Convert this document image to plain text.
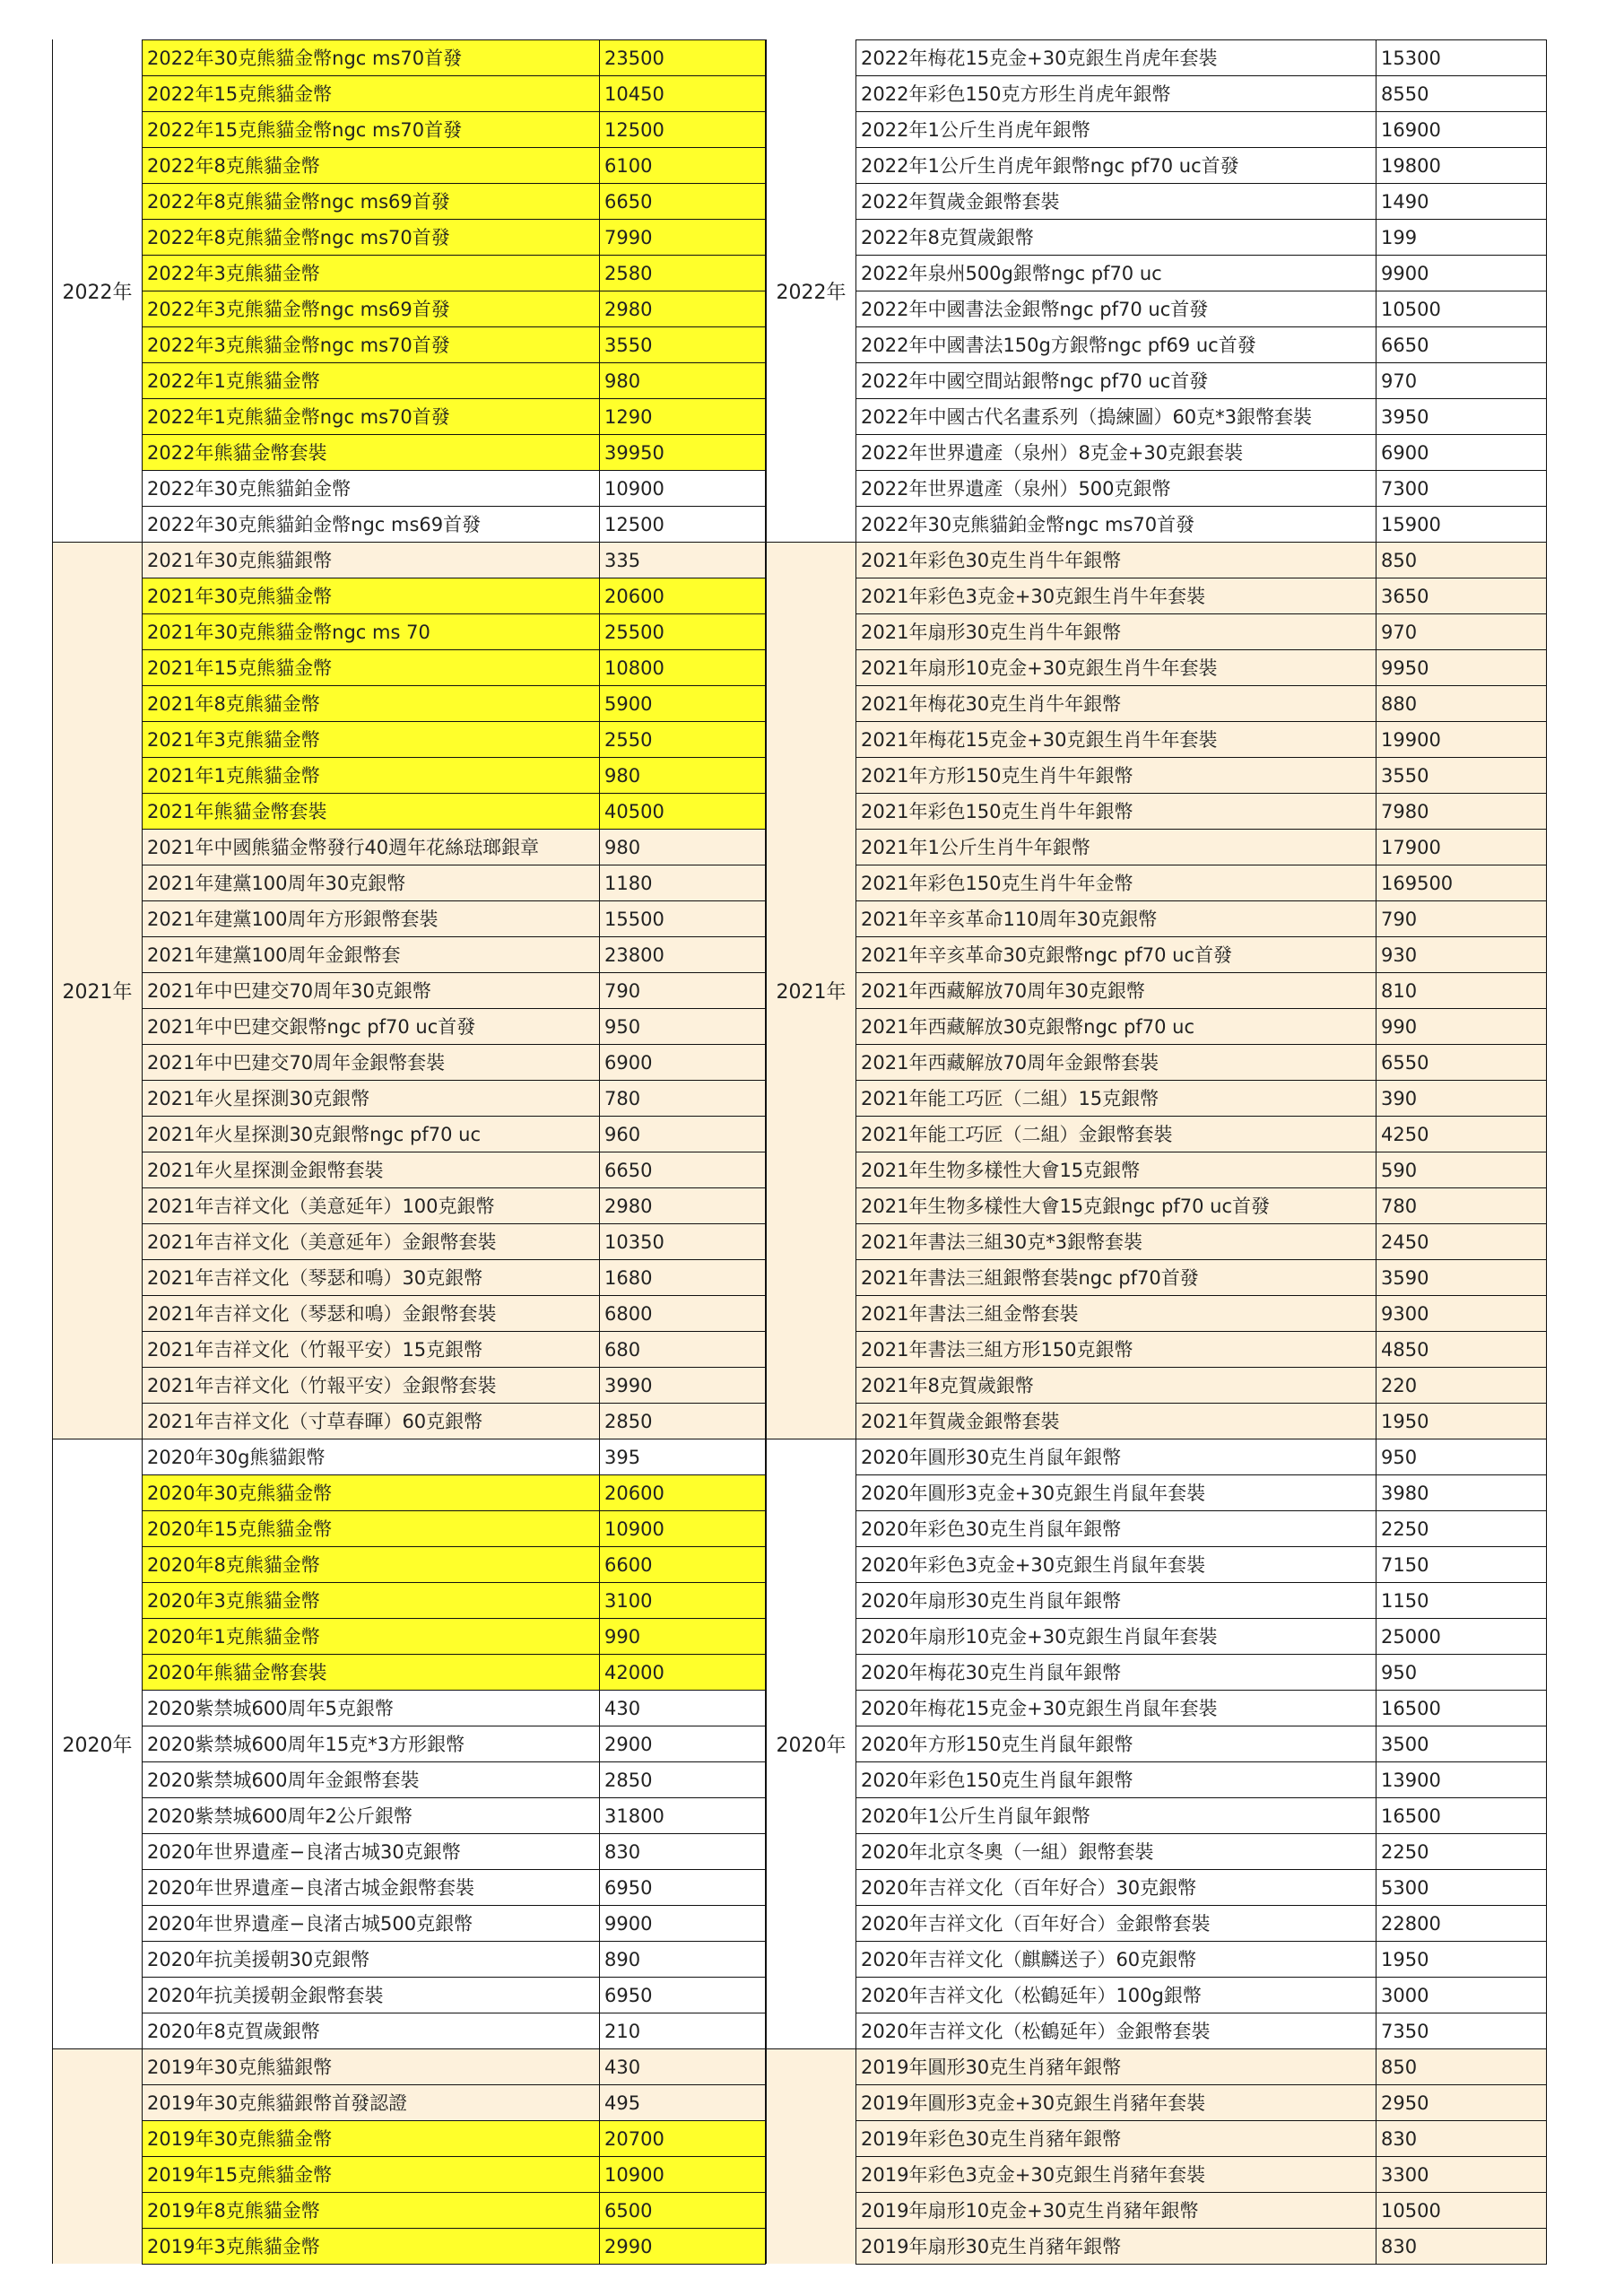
2022年
2022年30克熊貓金幣ngc ms70首發	23500
2022年15克熊貓金幣	10450
2022年15克熊貓金幣ngc ms70首發	12500
2022年8克熊貓金幣	6100
2022年8克熊貓金幣ngc ms69首發	6650
2022年8克熊貓金幣ngc ms70首發	7990
2022年3克熊貓金幣	2580
2022年3克熊貓金幣ngc ms69首發	2980
2022年3克熊貓金幣ngc ms70首發	3550
2022年1克熊貓金幣	980
2022年1克熊貓金幣ngc ms70首發	1290
2022年熊貓金幣套裝	39950
2022年30克熊貓鉑金幣	10900
2022年30克熊貓鉑金幣ngc ms69首發	12500
2021年
2021年30克熊貓銀幣	335
2021年30克熊貓金幣	20600
2021年30克熊貓金幣ngc ms 70	25500
2021年15克熊貓金幣	10800
2021年8克熊貓金幣	5900
2021年3克熊貓金幣	2550
2021年1克熊貓金幣	980
2021年熊貓金幣套裝	40500
2021年中國熊貓金幣發行40週年花絲琺瑯銀章	980
2021年建黨100周年30克銀幣	1180
2021年建黨100周年方形銀幣套裝	15500
2021年建黨100周年金銀幣套	23800
2021年中巴建交70周年30克銀幣	790
2021年中巴建交銀幣ngc pf70 uc首發	950
2021年中巴建交70周年金銀幣套裝	6900
2021年火星探測30克銀幣	780
2021年火星探測30克銀幣ngc pf70 uc	960
2021年火星探測金銀幣套裝	6650
2021年吉祥文化（美意延年）100克銀幣	2980
2021年吉祥文化（美意延年）金銀幣套裝	10350
2021年吉祥文化（琴瑟和鳴）30克銀幣	1680
2021年吉祥文化（琴瑟和鳴）金銀幣套裝	6800
2021年吉祥文化（竹報平安）15克銀幣	680
2021年吉祥文化（竹報平安）金銀幣套裝	3990
2021年吉祥文化（寸草春暉）60克銀幣	2850
2020年
2020年30g熊貓銀幣	395
2020年30克熊貓金幣	20600
2020年15克熊貓金幣	10900
2020年8克熊貓金幣	6600
2020年3克熊貓金幣	3100
2020年1克熊貓金幣	990
2020年熊貓金幣套裝	42000
2020紫禁城600周年5克銀幣	430
2020紫禁城600周年15克*3方形銀幣	2900
2020紫禁城600周年金銀幣套裝	2850
2020紫禁城600周年2公斤銀幣	31800
2020年世界遺產−良渚古城30克銀幣	830
2020年世界遺產−良渚古城金銀幣套裝	6950
2020年世界遺產−良渚古城500克銀幣	9900
2020年抗美援朝30克銀幣	890
2020年抗美援朝金銀幣套裝	6950
2020年8克賀歲銀幣	210
2019年30克熊貓銀幣	430
2019年30克熊貓銀幣首發認證	495
2019年30克熊貓金幣	20700
2019年15克熊貓金幣	10900
2019年8克熊貓金幣	6500
2019年3克熊貓金幣	2990
2022年
2022年梅花15克金+30克銀生肖虎年套裝	15300
2022年彩色150克方形生肖虎年銀幣	8550
2022年1公斤生肖虎年銀幣	16900
2022年1公斤生肖虎年銀幣ngc pf70 uc首發	19800
2022年賀歲金銀幣套裝	1490
2022年8克賀歲銀幣	199
2022年泉州500g銀幣ngc pf70 uc	9900
2022年中國書法金銀幣ngc pf70 uc首發	10500
2022年中國書法150g方銀幣ngc pf69 uc首發	6650
2022年中國空間站銀幣ngc pf70 uc首發	970
2022年中國古代名畫系列（搗練圖）60克*3銀幣套裝	3950
2022年世界遺產（泉州）8克金+30克銀套裝	6900
2022年世界遺產（泉州）500克銀幣	7300
2022年30克熊貓鉑金幣ngc ms70首發	15900
2021年
2021年彩色30克生肖牛年銀幣	850
2021年彩色3克金+30克銀生肖牛年套裝	3650
2021年扇形30克生肖牛年銀幣	970
2021年扇形10克金+30克銀生肖牛年套裝	9950
2021年梅花30克生肖牛年銀幣	880
2021年梅花15克金+30克銀生肖牛年套裝	19900
2021年方形150克生肖牛年銀幣	3550
2021年彩色150克生肖牛年銀幣	7980
2021年1公斤生肖牛年銀幣	17900
2021年彩色150克生肖牛年金幣	169500
2021年辛亥革命110周年30克銀幣	790
2021年辛亥革命30克銀幣ngc pf70 uc首發	930
2021年西藏解放70周年30克銀幣	810
2021年西藏解放30克銀幣ngc pf70 uc	990
2021年西藏解放70周年金銀幣套裝	6550
2021年能工巧匠（二組）15克銀幣	390
2021年能工巧匠（二組）金銀幣套裝	4250
2021年生物多樣性大會15克銀幣	590
2021年生物多樣性大會15克銀ngc pf70 uc首發	780
2021年書法三組30克*3銀幣套裝	2450
2021年書法三組銀幣套裝ngc pf70首發	3590
2021年書法三組金幣套裝	9300
2021年書法三組方形150克銀幣	4850
2021年8克賀歲銀幣	220
2021年賀歲金銀幣套裝	1950
2020年
2020年圓形30克生肖鼠年銀幣	950
2020年圓形3克金+30克銀生肖鼠年套裝	3980
2020年彩色30克生肖鼠年銀幣	2250
2020年彩色3克金+30克銀生肖鼠年套裝	7150
2020年扇形30克生肖鼠年銀幣	1150
2020年扇形10克金+30克銀生肖鼠年套裝	25000
2020年梅花30克生肖鼠年銀幣	950
2020年梅花15克金+30克銀生肖鼠年套裝	16500
2020年方形150克生肖鼠年銀幣	3500
2020年彩色150克生肖鼠年銀幣	13900
2020年1公斤生肖鼠年銀幣	16500
2020年北京冬奧（一組）銀幣套裝	2250
2020年吉祥文化（百年好合）30克銀幣	5300
2020年吉祥文化（百年好合）金銀幣套裝	22800
2020年吉祥文化（麒麟送子）60克銀幣	1950
2020年吉祥文化（松鶴延年）100g銀幣	3000
2020年吉祥文化（松鶴延年）金銀幣套裝	7350
2019年圓形30克生肖豬年銀幣	850
2019年圓形3克金+30克銀生肖豬年套裝	2950
2019年彩色30克生肖豬年銀幣	830
2019年彩色3克金+30克銀生肖豬年套裝	3300
2019年扇形10克金+30克生肖豬年銀幣	10500
2019年扇形30克生肖豬年銀幣	830
